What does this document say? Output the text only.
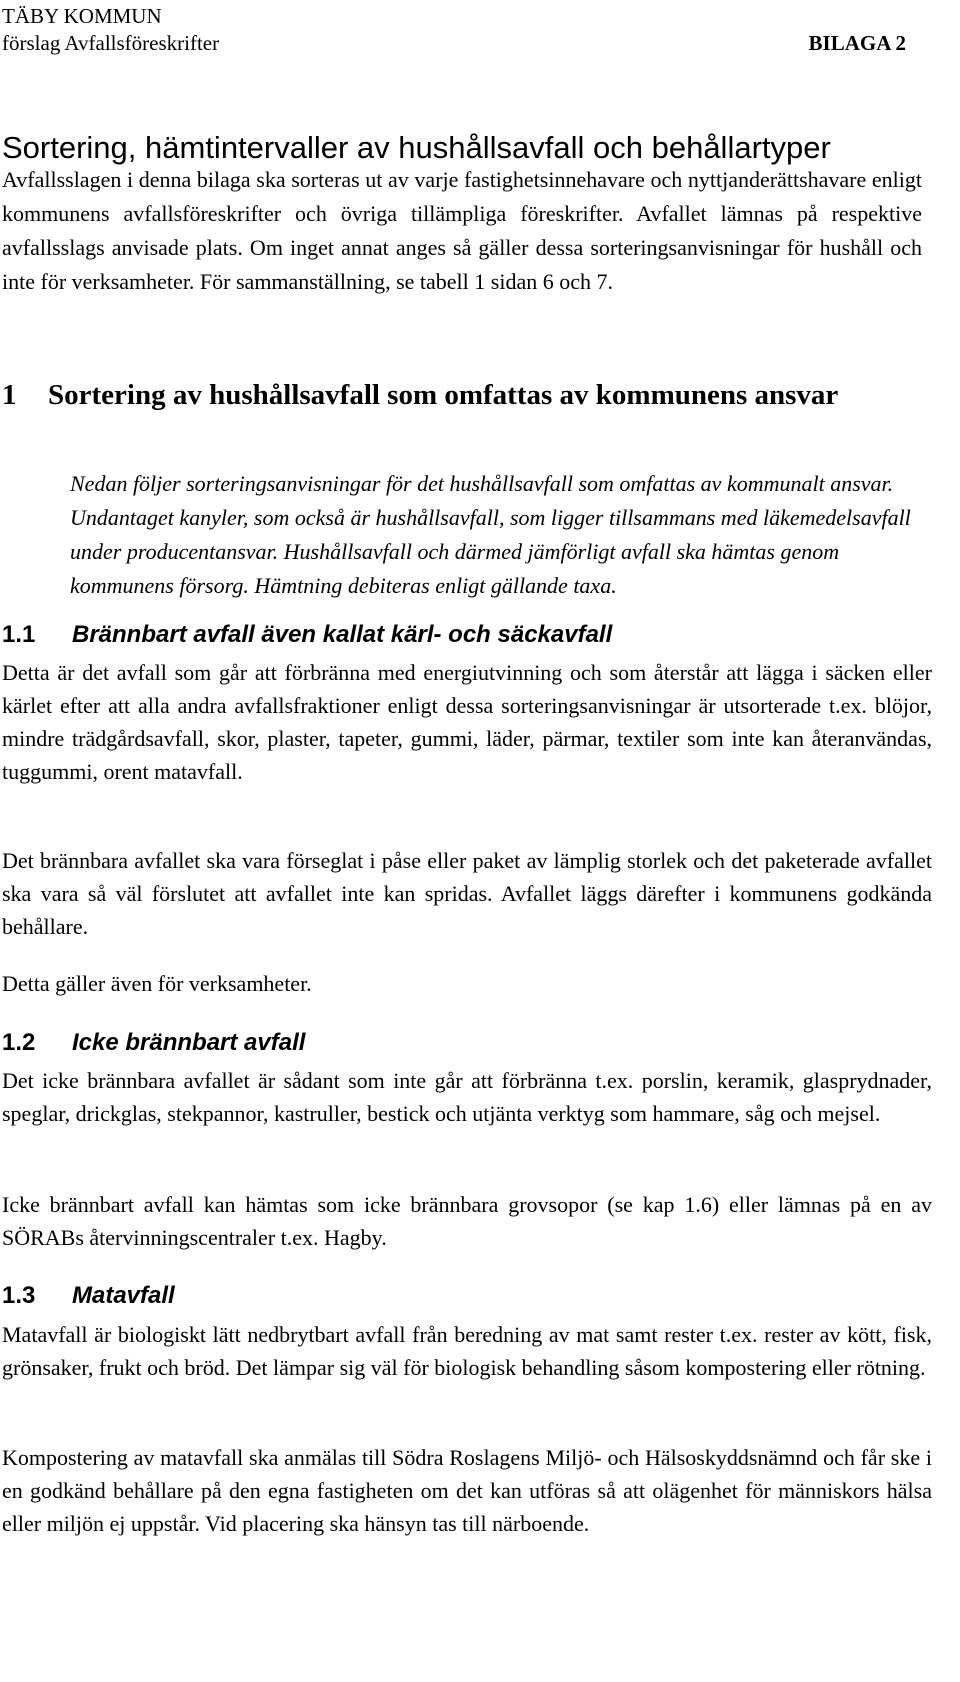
TÄBY KOMMUN
förslag Avfallsföreskrifter	BILAGA 2
Sortering, hämtintervaller av hushållsavfall och behållartyper
Avfallsslagen i denna bilaga ska sorteras ut av varje fastighetsinnehavare och nyttjanderättshavare enligt kommunens avfallsföreskrifter och övriga tillämpliga föreskrifter. Avfallet lämnas på respektive avfallsslags anvisade plats. Om inget annat anges så gäller dessa sorteringsanvisningar för hushåll och inte för verksamheter. För sammanställning, se tabell 1 sidan 6 och 7.
1 Sortering av hushållsavfall som omfattas av kommunens ansvar
Nedan följer sorteringsanvisningar för det hushållsavfall som omfattas av kommunalt ansvar. Undantaget kanyler, som också är hushållsavfall, som ligger tillsammans med läkemedelsavfall under producentansvar. Hushållsavfall och därmed jämförligt avfall ska hämtas genom kommunens försorg. Hämtning debiteras enligt gällande taxa.
1.1 Brännbart avfall även kallat kärl- och säckavfall
Detta är det avfall som går att förbränna med energiutvinning och som återstår att lägga i säcken eller kärlet efter att alla andra avfallsfraktioner enligt dessa sorteringsanvisningar är utsorterade t.ex. blöjor, mindre trädgårdsavfall, skor, plaster, tapeter, gummi, läder, pärmar, textiler som inte kan återanvändas, tuggummi, orent matavfall.
Det brännbara avfallet ska vara förseglat i påse eller paket av lämplig storlek och det paketerade avfallet ska vara så väl förslutet att avfallet inte kan spridas. Avfallet läggs därefter i kommunens godkända behållare.
Detta gäller även för verksamheter.
1.2 Icke brännbart avfall
Det icke brännbara avfallet är sådant som inte går att förbränna t.ex. porslin, keramik, glasprydnader, speglar, drickglas, stekpannor, kastruller, bestick och utjänta verktyg som hammare, såg och mejsel.
Icke brännbart avfall kan hämtas som icke brännbara grovsopor (se kap 1.6) eller lämnas på en av SÖRABs återvinningscentraler t.ex. Hagby.
1.3 Matavfall
Matavfall är biologiskt lätt nedbrytbart avfall från beredning av mat samt rester t.ex. rester av kött, fisk, grönsaker, frukt och bröd. Det lämpar sig väl för biologisk behandling såsom kompostering eller rötning.
Kompostering av matavfall ska anmälas till Södra Roslagens Miljö- och Hälsoskyddsnämnd och får ske i en godkänd behållare på den egna fastigheten om det kan utföras så att olägenhet för människors hälsa eller miljön ej uppstår. Vid placering ska hänsyn tas till närboende.
